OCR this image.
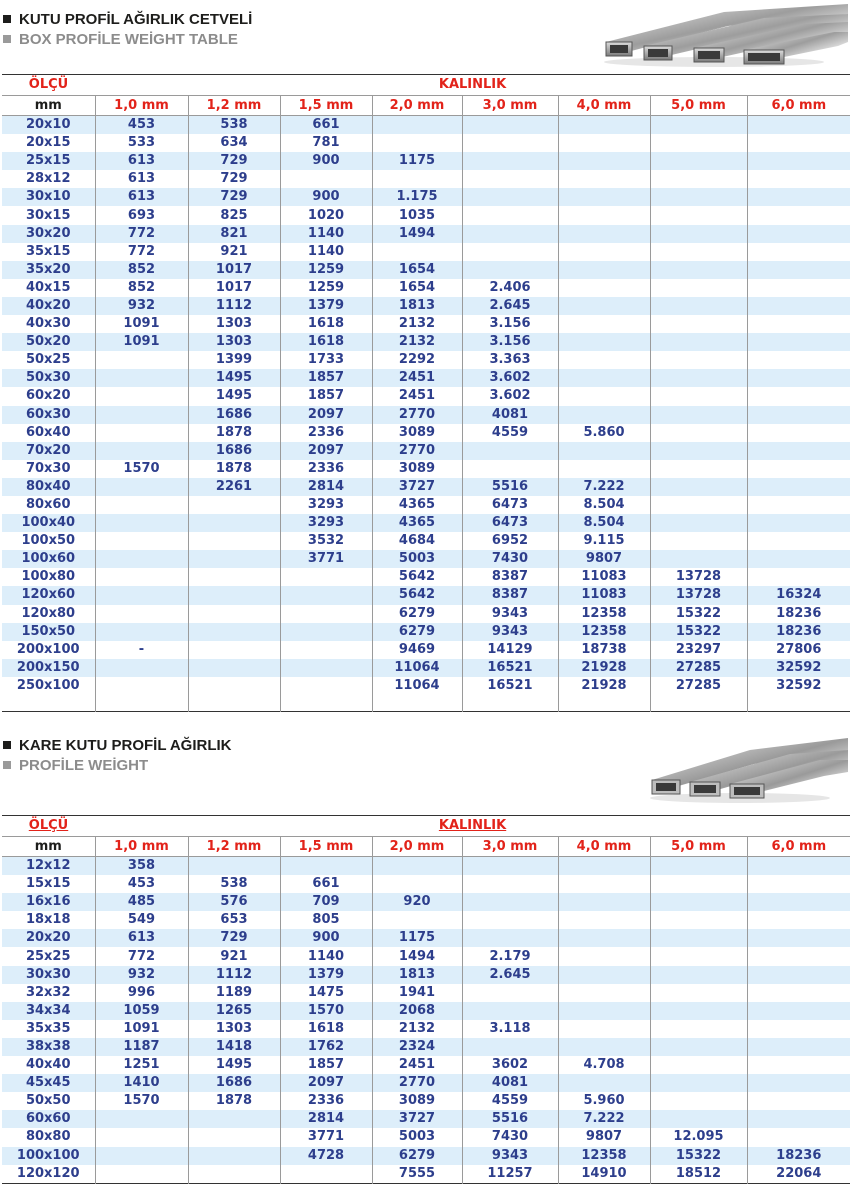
KUTU PROFİL AĞIRLIK CETVELİ
BOX PROFİLE WEİGHT TABLE
ÖLÇÜ	KALINLIK							
mm	1,0 mm	1,2 mm	1,5 mm	2,0 mm	3,0 mm	4,0 mm	5,0 mm	6,0 mm
20x10	453	538	661					
20x15	533	634	781					
25x15	613	729	900	1175				
28x12	613	729						
30x10	613	729	900	1.175				
30x15	693	825	1020	1035				
30x20	772	821	1140	1494				
35x15	772	921	1140					
35x20	852	1017	1259	1654				
40x15	852	1017	1259	1654	2.406			
40x20	932	1112	1379	1813	2.645			
40x30	1091	1303	1618	2132	3.156			
50x20	1091	1303	1618	2132	3.156			
50x25		1399	1733	2292	3.363			
50x30		1495	1857	2451	3.602			
60x20		1495	1857	2451	3.602			
60x30		1686	2097	2770	4081			
60x40		1878	2336	3089	4559	5.860		
70x20		1686	2097	2770				
70x30	1570	1878	2336	3089				
80x40		2261	2814	3727	5516	7.222		
80x60			3293	4365	6473	8.504		
100x40			3293	4365	6473	8.504		
100x50			3532	4684	6952	9.115		
100x60			3771	5003	7430	9807		
100x80				5642	8387	11083	13728	
120x60				5642	8387	11083	13728	16324
120x80				6279	9343	12358	15322	18236
150x50				6279	9343	12358	15322	18236
200x100	-			9469	14129	18738	23297	27806
200x150				11064	16521	21928	27285	32592
250x100				11064	16521	21928	27285	32592

KARE KUTU PROFİL AĞIRLIK
PROFİLE WEİGHT
ÖLÇÜ	KALINLIK							
mm	1,0 mm	1,2 mm	1,5 mm	2,0 mm	3,0 mm	4,0 mm	5,0 mm	6,0 mm
12x12	358							
15x15	453	538	661					
16x16	485	576	709	920				
18x18	549	653	805					
20x20	613	729	900	1175				
25x25	772	921	1140	1494	2.179			
30x30	932	1112	1379	1813	2.645			
32x32	996	1189	1475	1941				
34x34	1059	1265	1570	2068				
35x35	1091	1303	1618	2132	3.118			
38x38	1187	1418	1762	2324				
40x40	1251	1495	1857	2451	3602	4.708		
45x45	1410	1686	2097	2770	4081			
50x50	1570	1878	2336	3089	4559	5.960		
60x60			2814	3727	5516	7.222		
80x80			3771	5003	7430	9807	12.095	
100x100			4728	6279	9343	12358	15322	18236
120x120				7555	11257	14910	18512	22064
